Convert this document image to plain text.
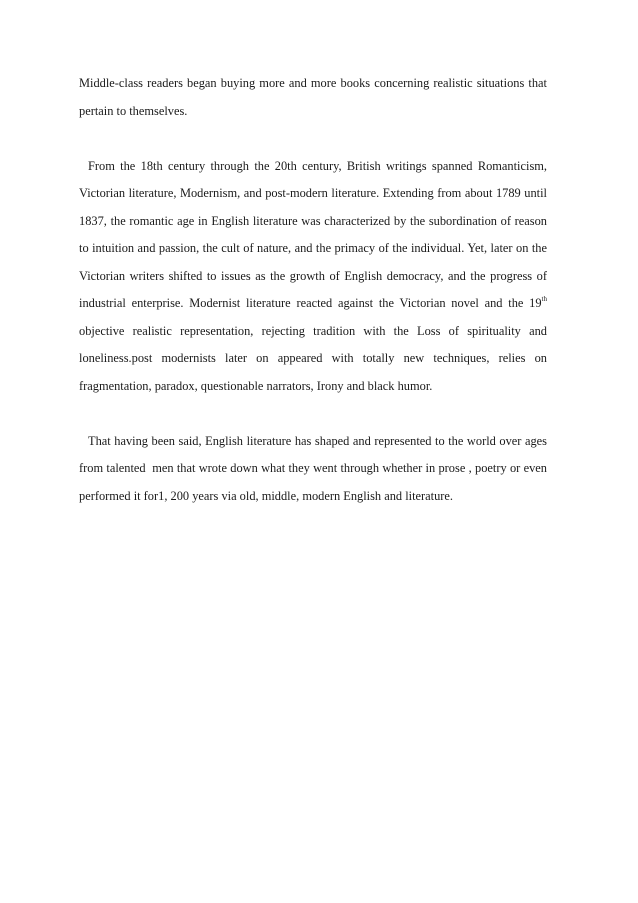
Middle-class readers began buying more and more books concerning realistic situations that pertain to themselves.

From the 18th century through the 20th century, British writings spanned Romanticism, Victorian literature, Modernism, and post-modern literature. Extending from about 1789 until 1837, the romantic age in English literature was characterized by the subordination of reason to intuition and passion, the cult of nature, and the primacy of the individual. Yet, later on the Victorian writers shifted to issues as the growth of English democracy, and the progress of industrial enterprise. Modernist literature reacted against the Victorian novel and the 19th objective realistic representation, rejecting tradition with the Loss of spirituality and loneliness.post modernists later on appeared with totally new techniques, relies on fragmentation, paradox, questionable narrators, Irony and black humor.

That having been said, English literature has shaped and represented to the world over ages from talented  men that wrote down what they went through whether in prose , poetry or even performed it for1, 200 years via old, middle, modern English and literature.
